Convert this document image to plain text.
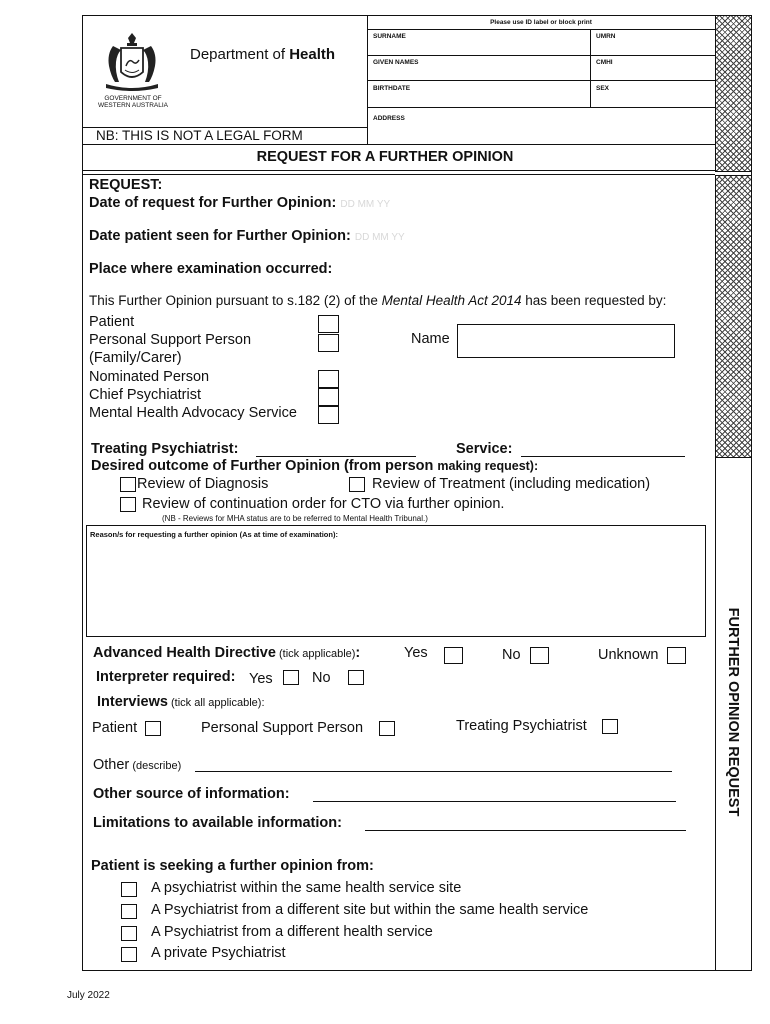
FURTHER OPINION REQUEST
Department of Health
GOVERNMENT OF
WESTERN AUSTRALIA
NB: THIS IS NOT A LEGAL FORM
Please use ID label or block print
SURNAME	UMRN
GIVEN NAMES	CMHI
BIRTHDATE	SEX
ADDRESS
REQUEST FOR A FURTHER OPINION
REQUEST:
Date of request for Further Opinion: DD MM YY
Date patient seen for Further Opinion: DD MM YY
Place where examination occurred:
This Further Opinion pursuant to s.182 (2) of the Mental Health Act 2014 has been requested by:
Patient
Personal Support Person
(Family/Carer)
Nominated Person
Chief Psychiatrist
Mental Health Advocacy Service
Name
Treating Psychiatrist:	Service:
Desired outcome of Further Opinion (from person making request):
Review of Diagnosis	Review of Treatment (including medication)
Review of continuation order for CTO via further opinion.
(NB - Reviews for MHA status are to be referred to Mental Health Tribunal.)
Reason/s for requesting a further opinion (As at time of examination):
Advanced Health Directive (tick applicable):	Yes	No	Unknown
Interpreter required: Yes	No
Interviews (tick all applicable):
Patient	Personal Support Person	Treating Psychiatrist
Other (describe)
Other source of information:
Limitations to available information:
Patient is seeking a further opinion from:
A psychiatrist within the same health service site
A Psychiatrist from a different site but within the same health service
A Psychiatrist from a different health service
A private Psychiatrist
July 2022
